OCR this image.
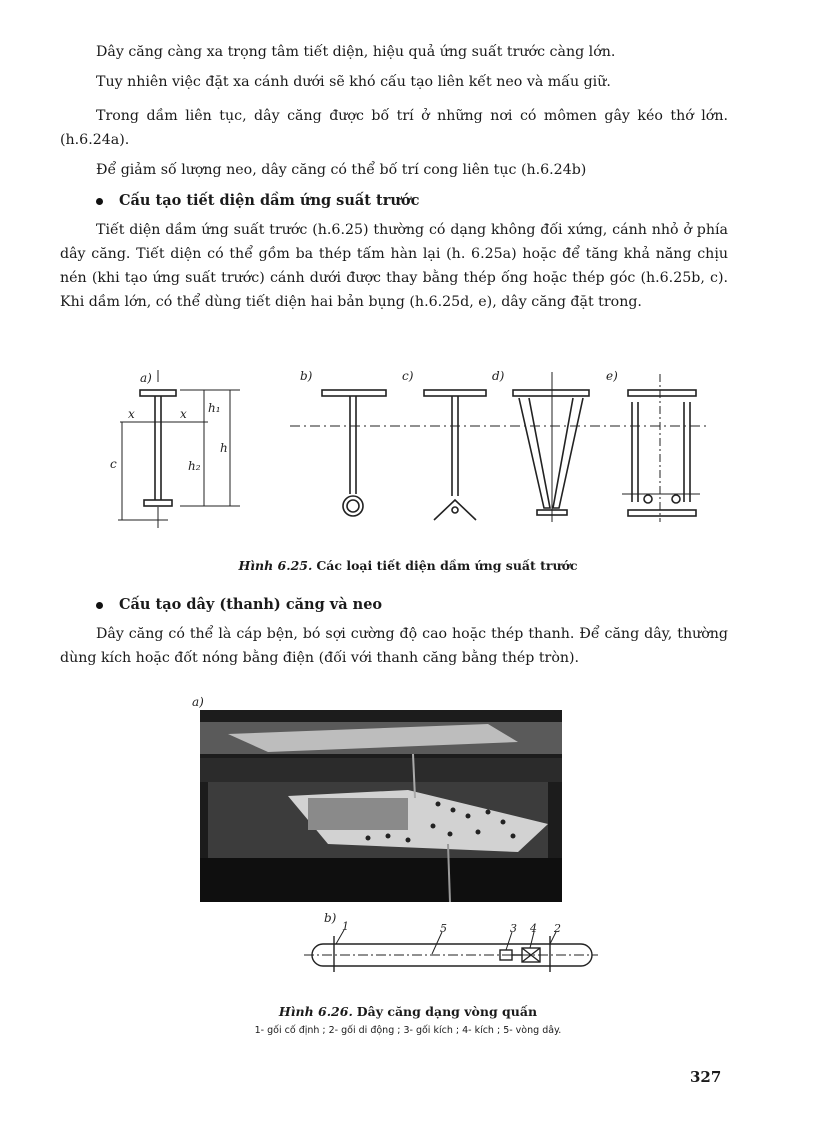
Dây căng càng xa trọng tâm tiết diện, hiệu quả ứng suất trước càng lớn.

Tuy nhiên việc đặt xa cánh dưới sẽ khó cấu tạo liên kết neo và mấu giữ.

Trong dầm liên tục, dây căng được bố trí ở những nơi có mômen gây kéo thớ lớn. (h.6.24a).

Để giảm số lượng neo, dây căng có thể bố trí cong liên tục (h.6.24b)

Cấu tạo tiết diện dầm ứng suất trước

Tiết diện dầm ứng suất trước (h.6.25) thường có dạng không đối xứng, cánh nhỏ ở phía dây căng. Tiết diện có thể gồm ba thép tấm hàn lại (h. 6.25a) hoặc để tăng khả năng chịu nén (khi tạo ứng suất trước) cánh dưới được thay bằng thép ống hoặc thép góc (h.6.25b, c). Khi dầm lớn, có thể dùng tiết diện hai bản bụng (h.6.25d, e), dây căng đặt trong.

a)	b)	c)	d)	e)
x	x
c
h₁
h
h₂
Hình 6.25. Các loại tiết diện dầm ứng suất trước
Cấu tạo dây (thanh) căng và neo

Dây căng có thể là cáp bện, bó sợi cường độ cao hoặc thép thanh. Để căng dây, thường dùng kích hoặc đốt nóng bằng điện (đối với thanh căng bằng thép tròn).

a)
b)
1	5	3 4 2
Hình 6.26. Dây căng dạng vòng quấn
1- gối cố định ; 2- gối di động ; 3- gối kích ; 4- kích ; 5- vòng dây.
327
